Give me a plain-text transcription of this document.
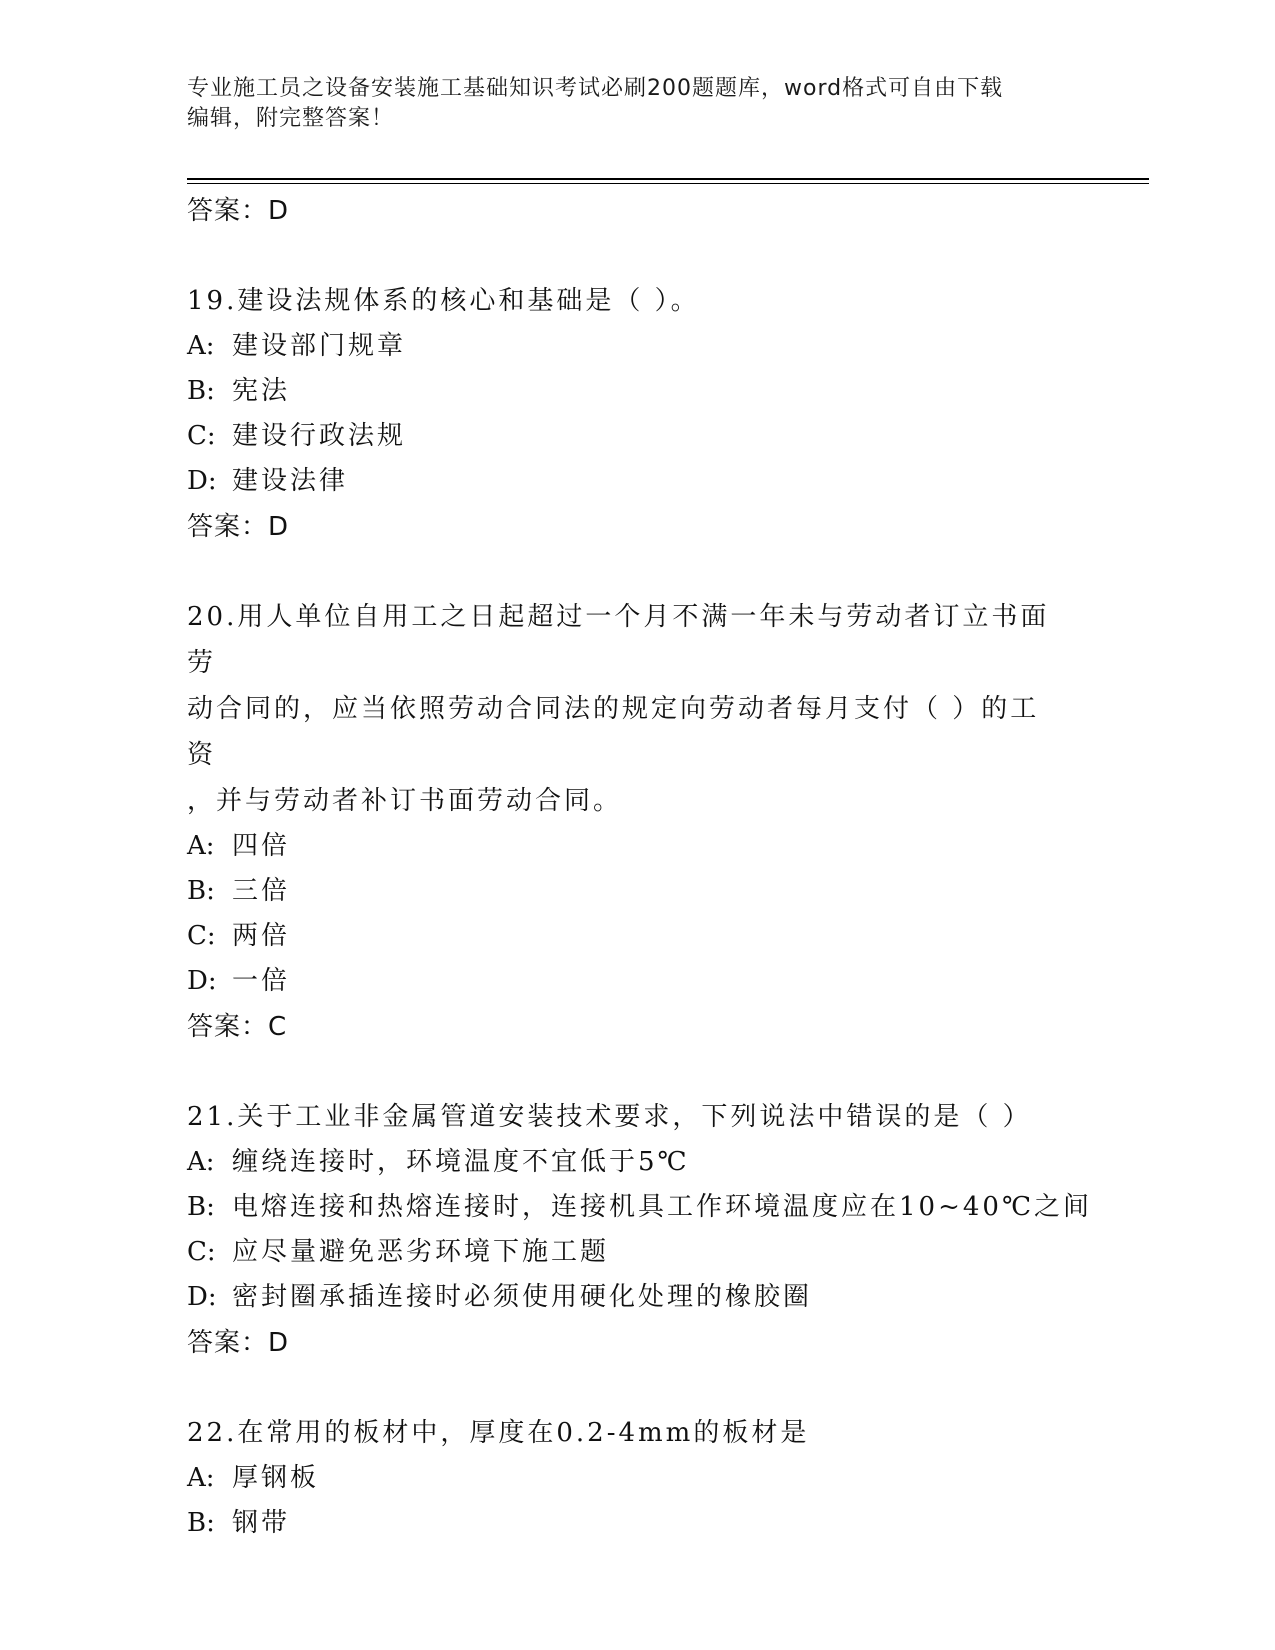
专业施工员之设备安装施工基础知识考试必刷200题题库，word格式可自由下载
编辑，附完整答案！
答案：D
19.建设法规体系的核心和基础是（ ）。
A: 建设部门规章
B: 宪法
C: 建设行政法规
D: 建设法律
答案：D
20.用人单位自用工之日起超过一个月不满一年未与劳动者订立书面劳
动合同的，应当依照劳动合同法的规定向劳动者每月支付（ ）的工资
，并与劳动者补订书面劳动合同。
A: 四倍
B: 三倍
C: 两倍
D: 一倍
答案：C
21.关于工业非金属管道安装技术要求，下列说法中错误的是（ ）
A: 缠绕连接时，环境温度不宜低于5℃
B: 电熔连接和热熔连接时，连接机具工作环境温度应在10~40℃之间
C: 应尽量避免恶劣环境下施工题
D: 密封圈承插连接时必须使用硬化处理的橡胶圈
答案：D
22.在常用的板材中，厚度在0.2-4mm的板材是
A: 厚钢板
B: 钢带
